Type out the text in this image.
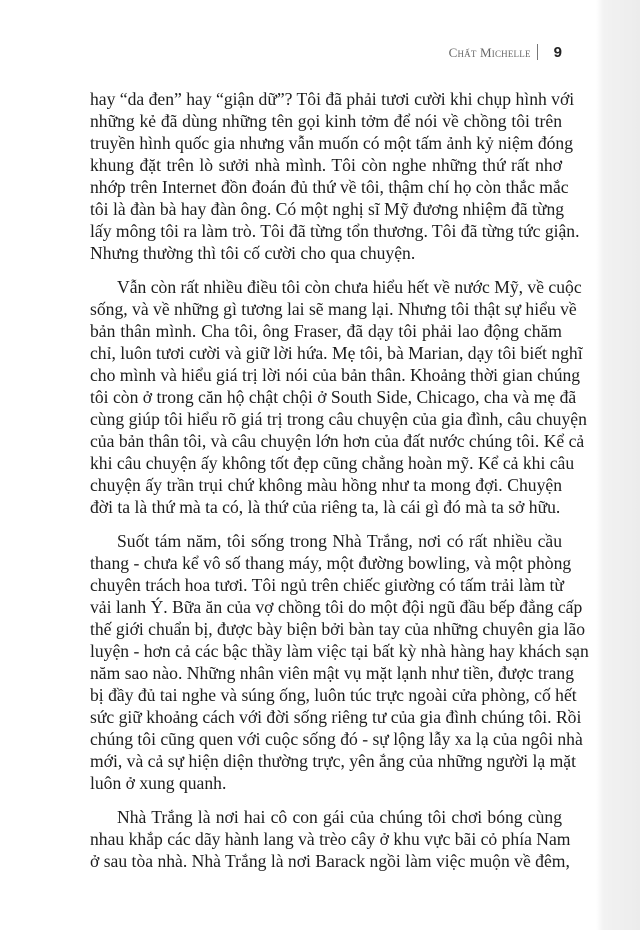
Chất Michelle 9
hay “da đen” hay “giận dữ”? Tôi đã phải tươi cười khi chụp hình với
những kẻ đã dùng những tên gọi kinh tởm để nói về chồng tôi trên
truyền hình quốc gia nhưng vẫn muốn có một tấm ảnh kỷ niệm đóng
khung đặt trên lò sưởi nhà mình. Tôi còn nghe những thứ rất nhơ
nhớp trên Internet đồn đoán đủ thứ về tôi, thậm chí họ còn thắc mắc
tôi là đàn bà hay đàn ông. Có một nghị sĩ Mỹ đương nhiệm đã từng
lấy mông tôi ra làm trò. Tôi đã từng tổn thương. Tôi đã từng tức giận.
Nhưng thường thì tôi cố cười cho qua chuyện.
Vẫn còn rất nhiều điều tôi còn chưa hiểu hết về nước Mỹ, về cuộc
sống, và về những gì tương lai sẽ mang lại. Nhưng tôi thật sự hiểu về
bản thân mình. Cha tôi, ông Fraser, đã dạy tôi phải lao động chăm
chỉ, luôn tươi cười và giữ lời hứa. Mẹ tôi, bà Marian, dạy tôi biết nghĩ
cho mình và hiểu giá trị lời nói của bản thân. Khoảng thời gian chúng
tôi còn ở trong căn hộ chật chội ở South Side, Chicago, cha và mẹ đã
cùng giúp tôi hiểu rõ giá trị trong câu chuyện của gia đình, câu chuyện
của bản thân tôi, và câu chuyện lớn hơn của đất nước chúng tôi. Kể cả
khi câu chuyện ấy không tốt đẹp cũng chẳng hoàn mỹ. Kể cả khi câu
chuyện ấy trần trụi chứ không màu hồng như ta mong đợi. Chuyện
đời ta là thứ mà ta có, là thứ của riêng ta, là cái gì đó mà ta sở hữu.
Suốt tám năm, tôi sống trong Nhà Trắng, nơi có rất nhiều cầu
thang - chưa kể vô số thang máy, một đường bowling, và một phòng
chuyên trách hoa tươi. Tôi ngủ trên chiếc giường có tấm trải làm từ
vải lanh Ý. Bữa ăn của vợ chồng tôi do một đội ngũ đầu bếp đẳng cấp
thế giới chuẩn bị, được bày biện bởi bàn tay của những chuyên gia lão
luyện - hơn cả các bậc thầy làm việc tại bất kỳ nhà hàng hay khách sạn
năm sao nào. Những nhân viên mật vụ mặt lạnh như tiền, được trang
bị đầy đủ tai nghe và súng ống, luôn túc trực ngoài cửa phòng, cố hết
sức giữ khoảng cách với đời sống riêng tư của gia đình chúng tôi. Rồi
chúng tôi cũng quen với cuộc sống đó - sự lộng lẫy xa lạ của ngôi nhà
mới, và cả sự hiện diện thường trực, yên ắng của những người lạ mặt
luôn ở xung quanh.
Nhà Trắng là nơi hai cô con gái của chúng tôi chơi bóng cùng
nhau khắp các dãy hành lang và trèo cây ở khu vực bãi cỏ phía Nam
ở sau tòa nhà. Nhà Trắng là nơi Barack ngồi làm việc muộn về đêm,
